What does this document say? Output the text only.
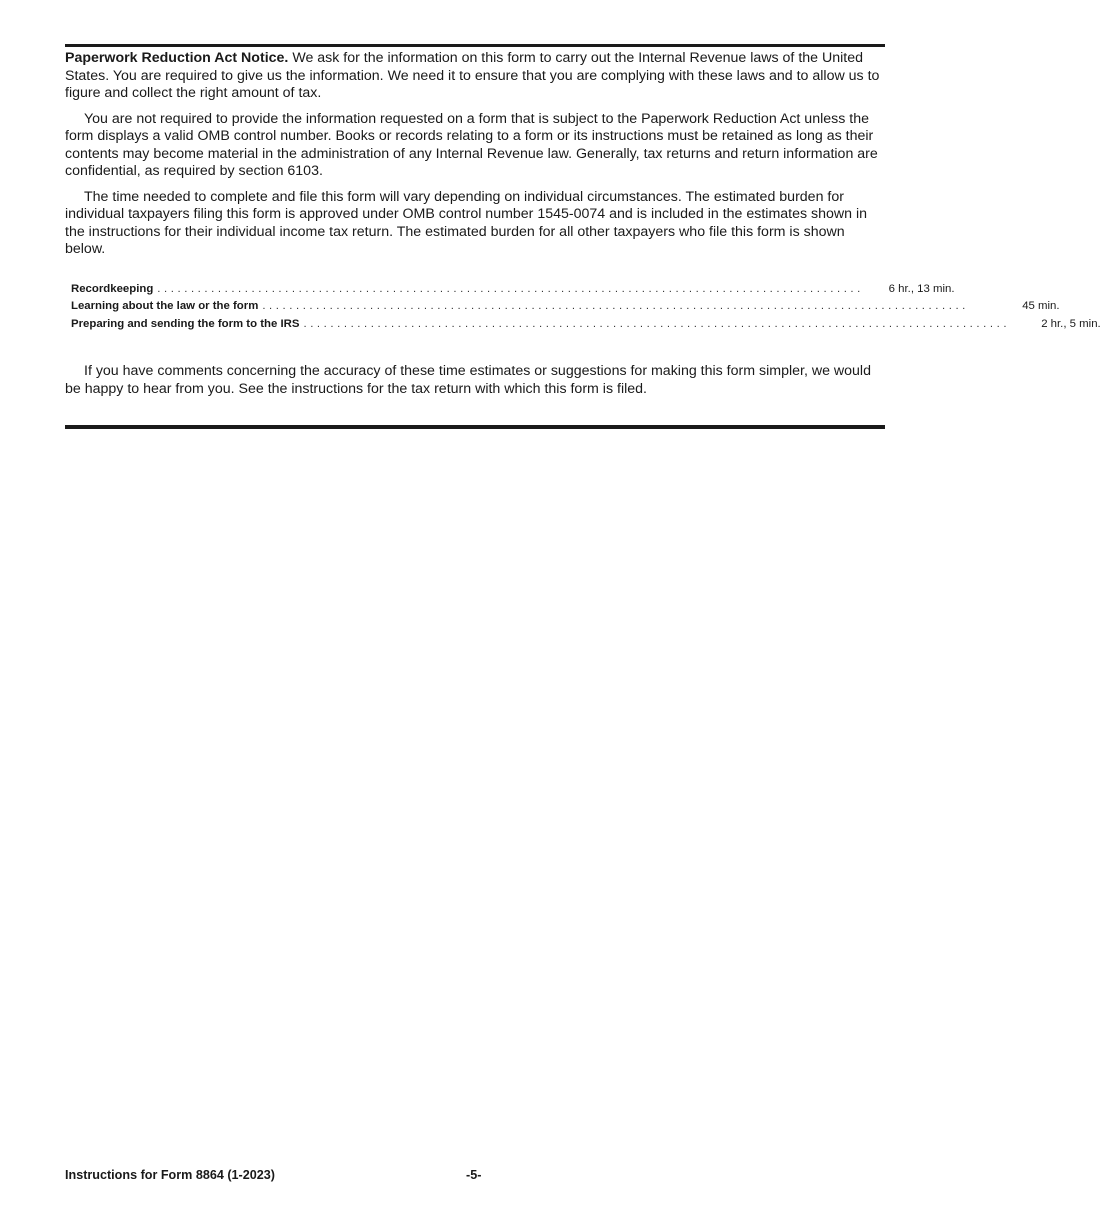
Paperwork Reduction Act Notice. We ask for the information on this form to carry out the Internal Revenue laws of the United States. You are required to give us the information. We need it to ensure that you are complying with these laws and to allow us to figure and collect the right amount of tax.

You are not required to provide the information requested on a form that is subject to the Paperwork Reduction Act unless the form displays a valid OMB control number. Books or records relating to a form or its instructions must be retained as long as their contents may become material in the administration of any Internal Revenue law. Generally, tax returns and return information are confidential, as required by section 6103.

The time needed to complete and file this form will vary depending on individual circumstances. The estimated burden for individual taxpayers filing this form is approved under OMB control number 1545-0074 and is included in the estimates shown in the instructions for their individual income tax return. The estimated burden for all other taxpayers who file this form is shown below.

Recordkeeping . . . . . . . . . . . . . . . . . . . . . . . . . . . . . . . . . . . . . . . . . . . . . . . . . . . . . . . . . . . . . . . . . . . . . . . . . . . . . . . . . . . . . . . . . . . . . . . . . . . . . . . . .	6 hr., 13 min.
Learning about the law or the form . . . . . . . . . . . . . . . . . . . . . . . . . . . . . . . . . . . . . . . . . . . . . . . . . . . . . . . . . . . . . . . . . . . . . . . . . . . . . . . . . . . . . . . . . . . . . . . . . . . . . . . . .	45 min.
Preparing and sending the form to the IRS . . . . . . . . . . . . . . . . . . . . . . . . . . . . . . . . . . . . . . . . . . . . . . . . . . . . . . . . . . . . . . . . . . . . . . . . . . . . . . . . . . . . . . . . . . . . . . . . . . . . . . . . .	2 hr., 5 min.

If you have comments concerning the accuracy of these time estimates or suggestions for making this form simpler, we would be happy to hear from you. See the instructions for the tax return with which this form is filed.

Instructions for Form 8864 (1-2023)	-5-
